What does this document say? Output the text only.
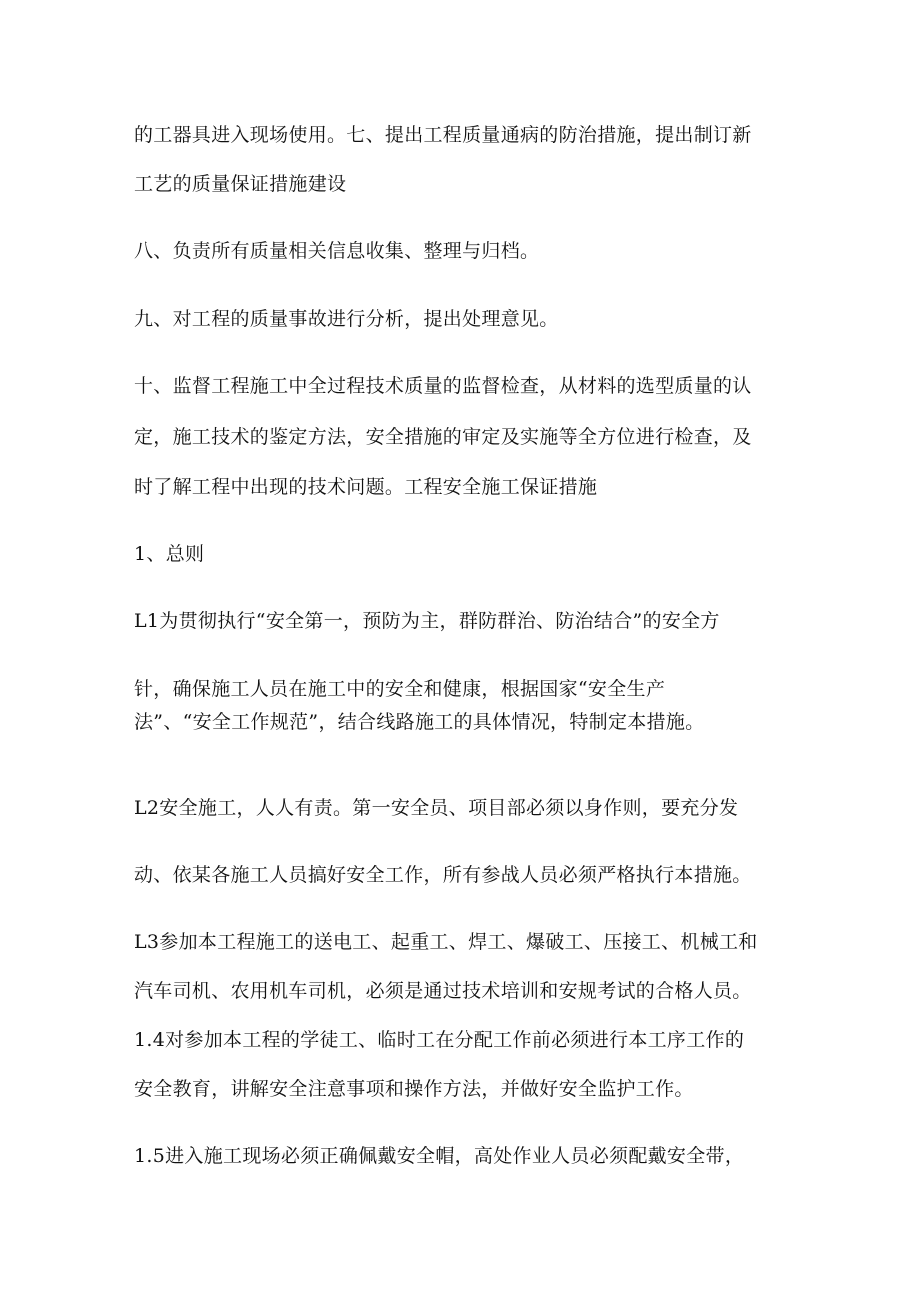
的工器具进入现场使用。七、提出工程质量通病的防治措施，提出制订新
工艺的质量保证措施建设
八、负责所有质量相关信息收集、整理与归档。
九、对工程的质量事故进行分析，提出处理意见。
十、监督工程施工中全过程技术质量的监督检查，从材料的选型质量的认
定，施工技术的鉴定方法，安全措施的审定及实施等全方位进行检查，及
时了解工程中出现的技术问题。工程安全施工保证措施
1、总则
L1为贯彻执行“安全第一，预防为主，群防群治、防治结合”的安全方
针，确保施工人员在施工中的安全和健康，根据国家“安全生产
法”、“安全工作规范”，结合线路施工的具体情况，特制定本措施。
L2安全施工，人人有责。第一安全员、项目部必须以身作则，要充分发
动、依某各施工人员搞好安全工作，所有参战人员必须严格执行本措施。
L3参加本工程施工的送电工、起重工、焊工、爆破工、压接工、机械工和
汽车司机、农用机车司机，必须是通过技术培训和安规考试的合格人员。
1.4对参加本工程的学徒工、临时工在分配工作前必须进行本工序工作的
安全教育，讲解安全注意事项和操作方法，并做好安全监护工作。
1.5进入施工现场必须正确佩戴安全帽，高处作业人员必须配戴安全带，
